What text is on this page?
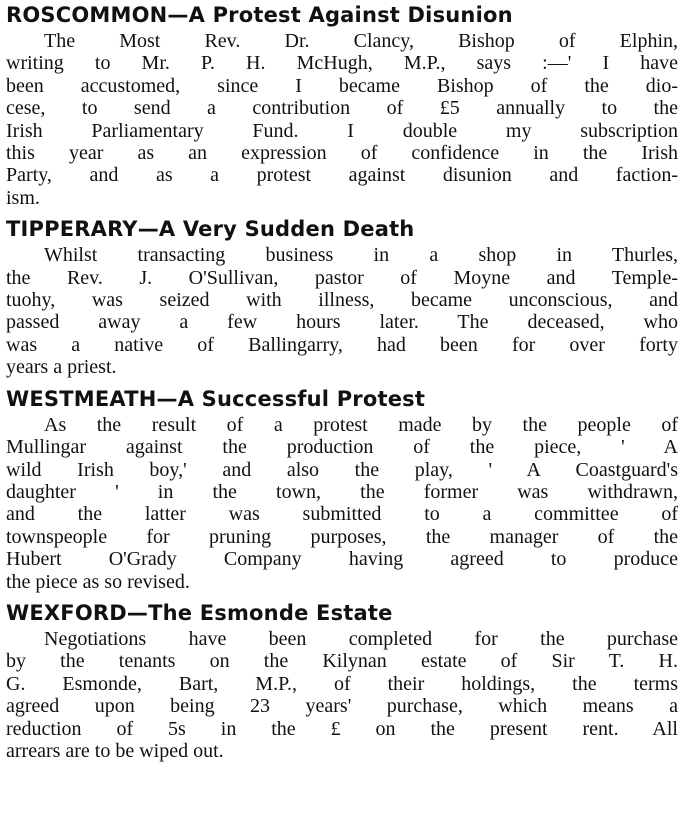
ROSCOMMON—A Protest Against Disunion
The Most Rev. Dr. Clancy, Bishop of Elphin,
writing to Mr. P. H. McHugh, M.P., says :—' I have
been accustomed, since I became Bishop of the dio-
cese, to send a contribution of £5 annually to the
Irish Parliamentary Fund. I double my subscription
this year as an expression of confidence in the Irish
Party, and as a protest against disunion and faction-
ism.
TIPPERARY—A Very Sudden Death
Whilst transacting business in a shop in Thurles,
the Rev. J. O'Sullivan, pastor of Moyne and Temple-
tuohy, was seized with illness, became unconscious, and
passed away a few hours later. The deceased, who
was a native of Ballingarry, had been for over forty
years a priest.
WESTMEATH—A Successful Protest
As the result of a protest made by the people of
Mullingar against the production of the piece, ' A
wild Irish boy,' and also the play, ' A Coastguard's
daughter ' in the town, the former was withdrawn,
and the latter was submitted to a committee of
townspeople for pruning purposes, the manager of the
Hubert O'Grady Company having agreed to produce
the piece as so revised.
WEXFORD—The Esmonde Estate
Negotiations have been completed for the purchase
by the tenants on the Kilynan estate of Sir T. H.
G. Esmonde, Bart, M.P., of their holdings, the terms
agreed upon being 23 years' purchase, which means a
reduction of 5s in the £ on the present rent. All
arrears are to be wiped out.
